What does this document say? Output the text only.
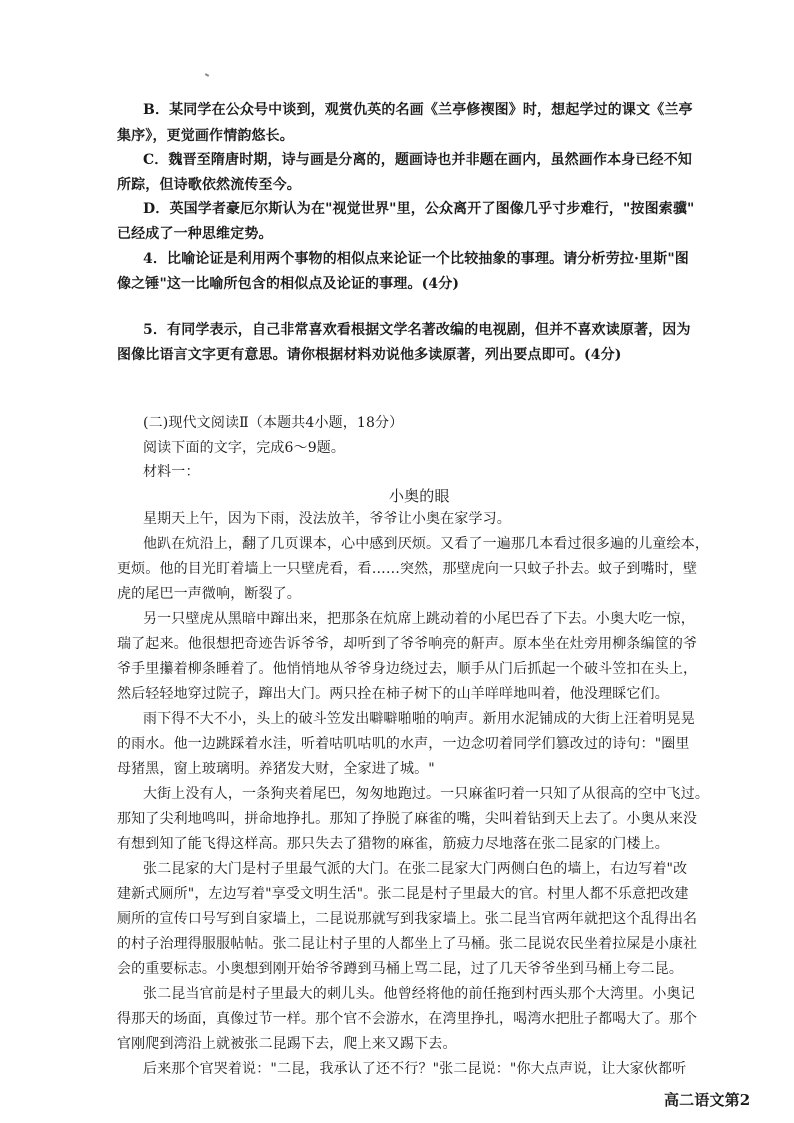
B．某同学在公众号中谈到，观赏仇英的名画《兰亭修禊图》时，想起学过的课文《兰亭
集序》，更觉画作情韵悠长。
C．魏晋至隋唐时期，诗与画是分离的，题画诗也并非题在画内，虽然画作本身已经不知
所踪，但诗歌依然流传至今。
D．英国学者豪厄尔斯认为在"视觉世界"里，公众离开了图像几乎寸步难行，"按图索骥"
已经成了一种思维定势。
4．比喻论证是利用两个事物的相似点来论证一个比较抽象的事理。请分析劳拉·里斯"图
像之锤"这一比喻所包含的相似点及论证的事理。(4分)
5．有同学表示，自己非常喜欢看根据文学名著改编的电视剧，但并不喜欢读原著，因为
图像比语言文字更有意思。请你根据材料劝说他多读原著，列出要点即可。(4分)
(二)现代文阅读Ⅱ（本题共4小题，18分）
阅读下面的文字，完成6～9题。
材料一：
小奥的眼
星期天上午，因为下雨，没法放羊，爷爷让小奥在家学习。
他趴在炕沿上，翻了几页课本，心中感到厌烦。又看了一遍那几本看过很多遍的儿童绘本，
更烦。他的目光盯着墙上一只壁虎看，看……突然，那壁虎向一只蚊子扑去。蚊子到嘴时，壁
虎的尾巴一声微响，断裂了。
另一只壁虎从黑暗中蹿出来，把那条在炕席上跳动着的小尾巴吞了下去。小奥大吃一惊，
瑞了起来。他很想把奇迹告诉爷爷，却听到了爷爷响亮的鼾声。原本坐在灶旁用柳条编筐的爷
爷手里攥着柳条睡着了。他悄悄地从爷爷身边绕过去，顺手从门后抓起一个破斗笠扣在头上，
然后轻轻地穿过院子，蹿出大门。两只拴在柿子树下的山羊咩咩地叫着，他没理睬它们。
雨下得不大不小，头上的破斗笠发出噼噼啪啪的响声。新用水泥铺成的大街上汪着明晃晃
的雨水。他一边跳踩着水洼，听着咕叽咕叽的水声，一边念叨着同学们篡改过的诗句："圈里
母猪黑，窗上玻璃明。养猪发大财，全家进了城。"
大街上没有人，一条狗夹着尾巴，匆匆地跑过。一只麻雀叼着一只知了从很高的空中飞过。
那知了尖利地鸣叫，拼命地挣扎。那知了挣脱了麻雀的嘴，尖叫着钻到天上去了。小奥从来没
有想到知了能飞得这样高。那只失去了猎物的麻雀，筋疲力尽地落在张二昆家的门楼上。
张二昆家的大门是村子里最气派的大门。在张二昆家大门两侧白色的墙上，右边写着"改
建新式厕所"，左边写着"享受文明生活"。张二昆是村子里最大的官。村里人都不乐意把改建
厕所的宣传口号写到自家墙上，二昆说那就写到我家墙上。张二昆当官两年就把这个乱得出名
的村子治理得服服帖帖。张二昆让村子里的人都坐上了马桶。张二昆说农民坐着拉屎是小康社
会的重要标志。小奥想到刚开始爷爷蹲到马桶上骂二昆，过了几天爷爷坐到马桶上夸二昆。
张二昆当官前是村子里最大的刺儿头。他曾经将他的前任拖到村西头那个大湾里。小奥记
得那天的场面，真像过节一样。那个官不会游水，在湾里挣扎，喝湾水把肚子都喝大了。那个
官刚爬到湾沿上就被张二昆踢下去，爬上来又踢下去。
后来那个官哭着说："二昆，我承认了还不行？"张二昆说："你大点声说，让大家伙都听
高二语文第2
